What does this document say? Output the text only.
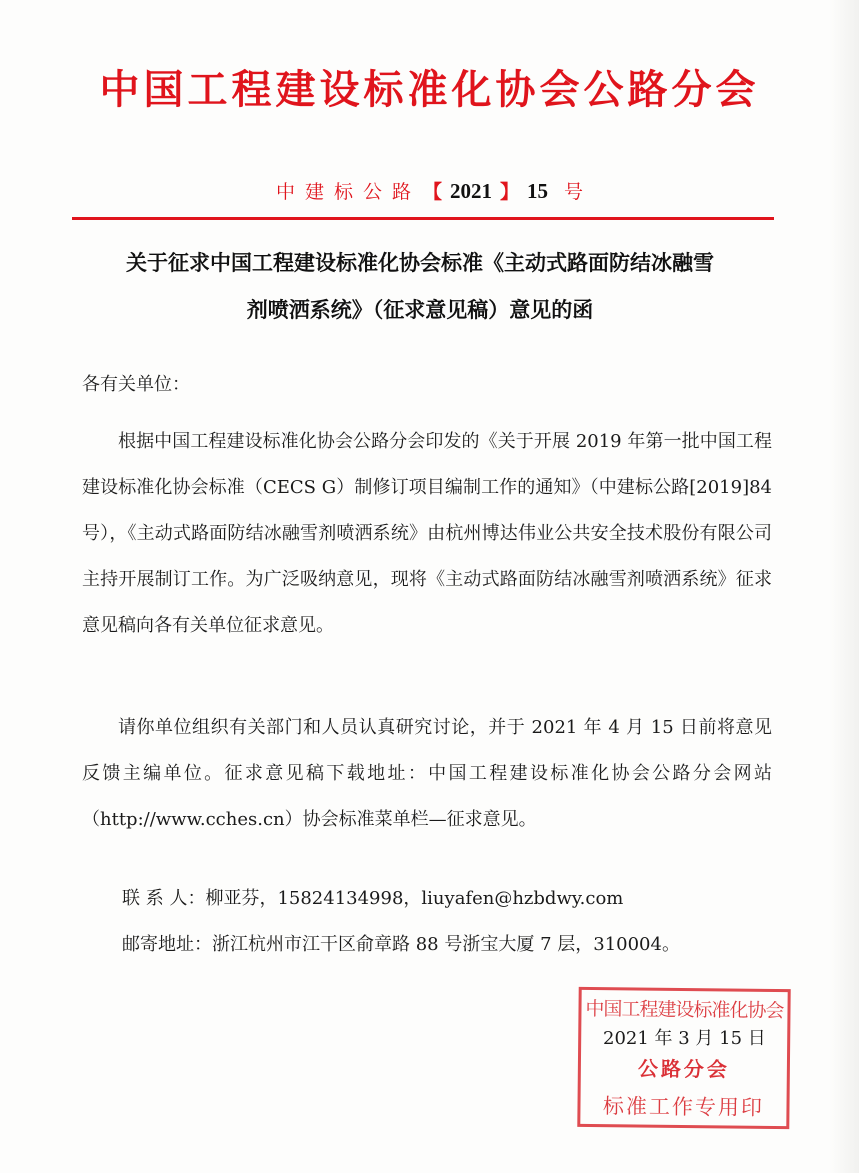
中国工程建设标准化协会公路分会
中建标公路 【 2021 】 15 号
关于征求中国工程建设标准化协会标准《主动式路面防结冰融雪
剂喷洒系统》（征求意见稿）意见的函
各有关单位：
根据中国工程建设标准化协会公路分会印发的《关于开展 2019 年第一批中国工程建设标准化协会标准（CECS G）制修订项目编制工作的通知》（中建标公路[2019]84 号），《主动式路面防结冰融雪剂喷洒系统》由杭州博达伟业公共安全技术股份有限公司主持开展制订工作。为广泛吸纳意见，现将《主动式路面防结冰融雪剂喷洒系统》征求意见稿向各有关单位征求意见。
请你单位组织有关部门和人员认真研究讨论，并于 2021 年 4 月 15 日前将意见反馈主编单位。征求意见稿下载地址：中国工程建设标准化协会公路分会网站（http://www.cches.cn）协会标准菜单栏—征求意见。
联 系 人：柳亚芬，15824134998，liuyafen@hzbdwy.com
邮寄地址：浙江杭州市江干区俞章路 88 号浙宝大厦 7 层，310004。
中国工程建设标准化协会
公路分会
标准工作专用印
2021 年 3 月 15 日
